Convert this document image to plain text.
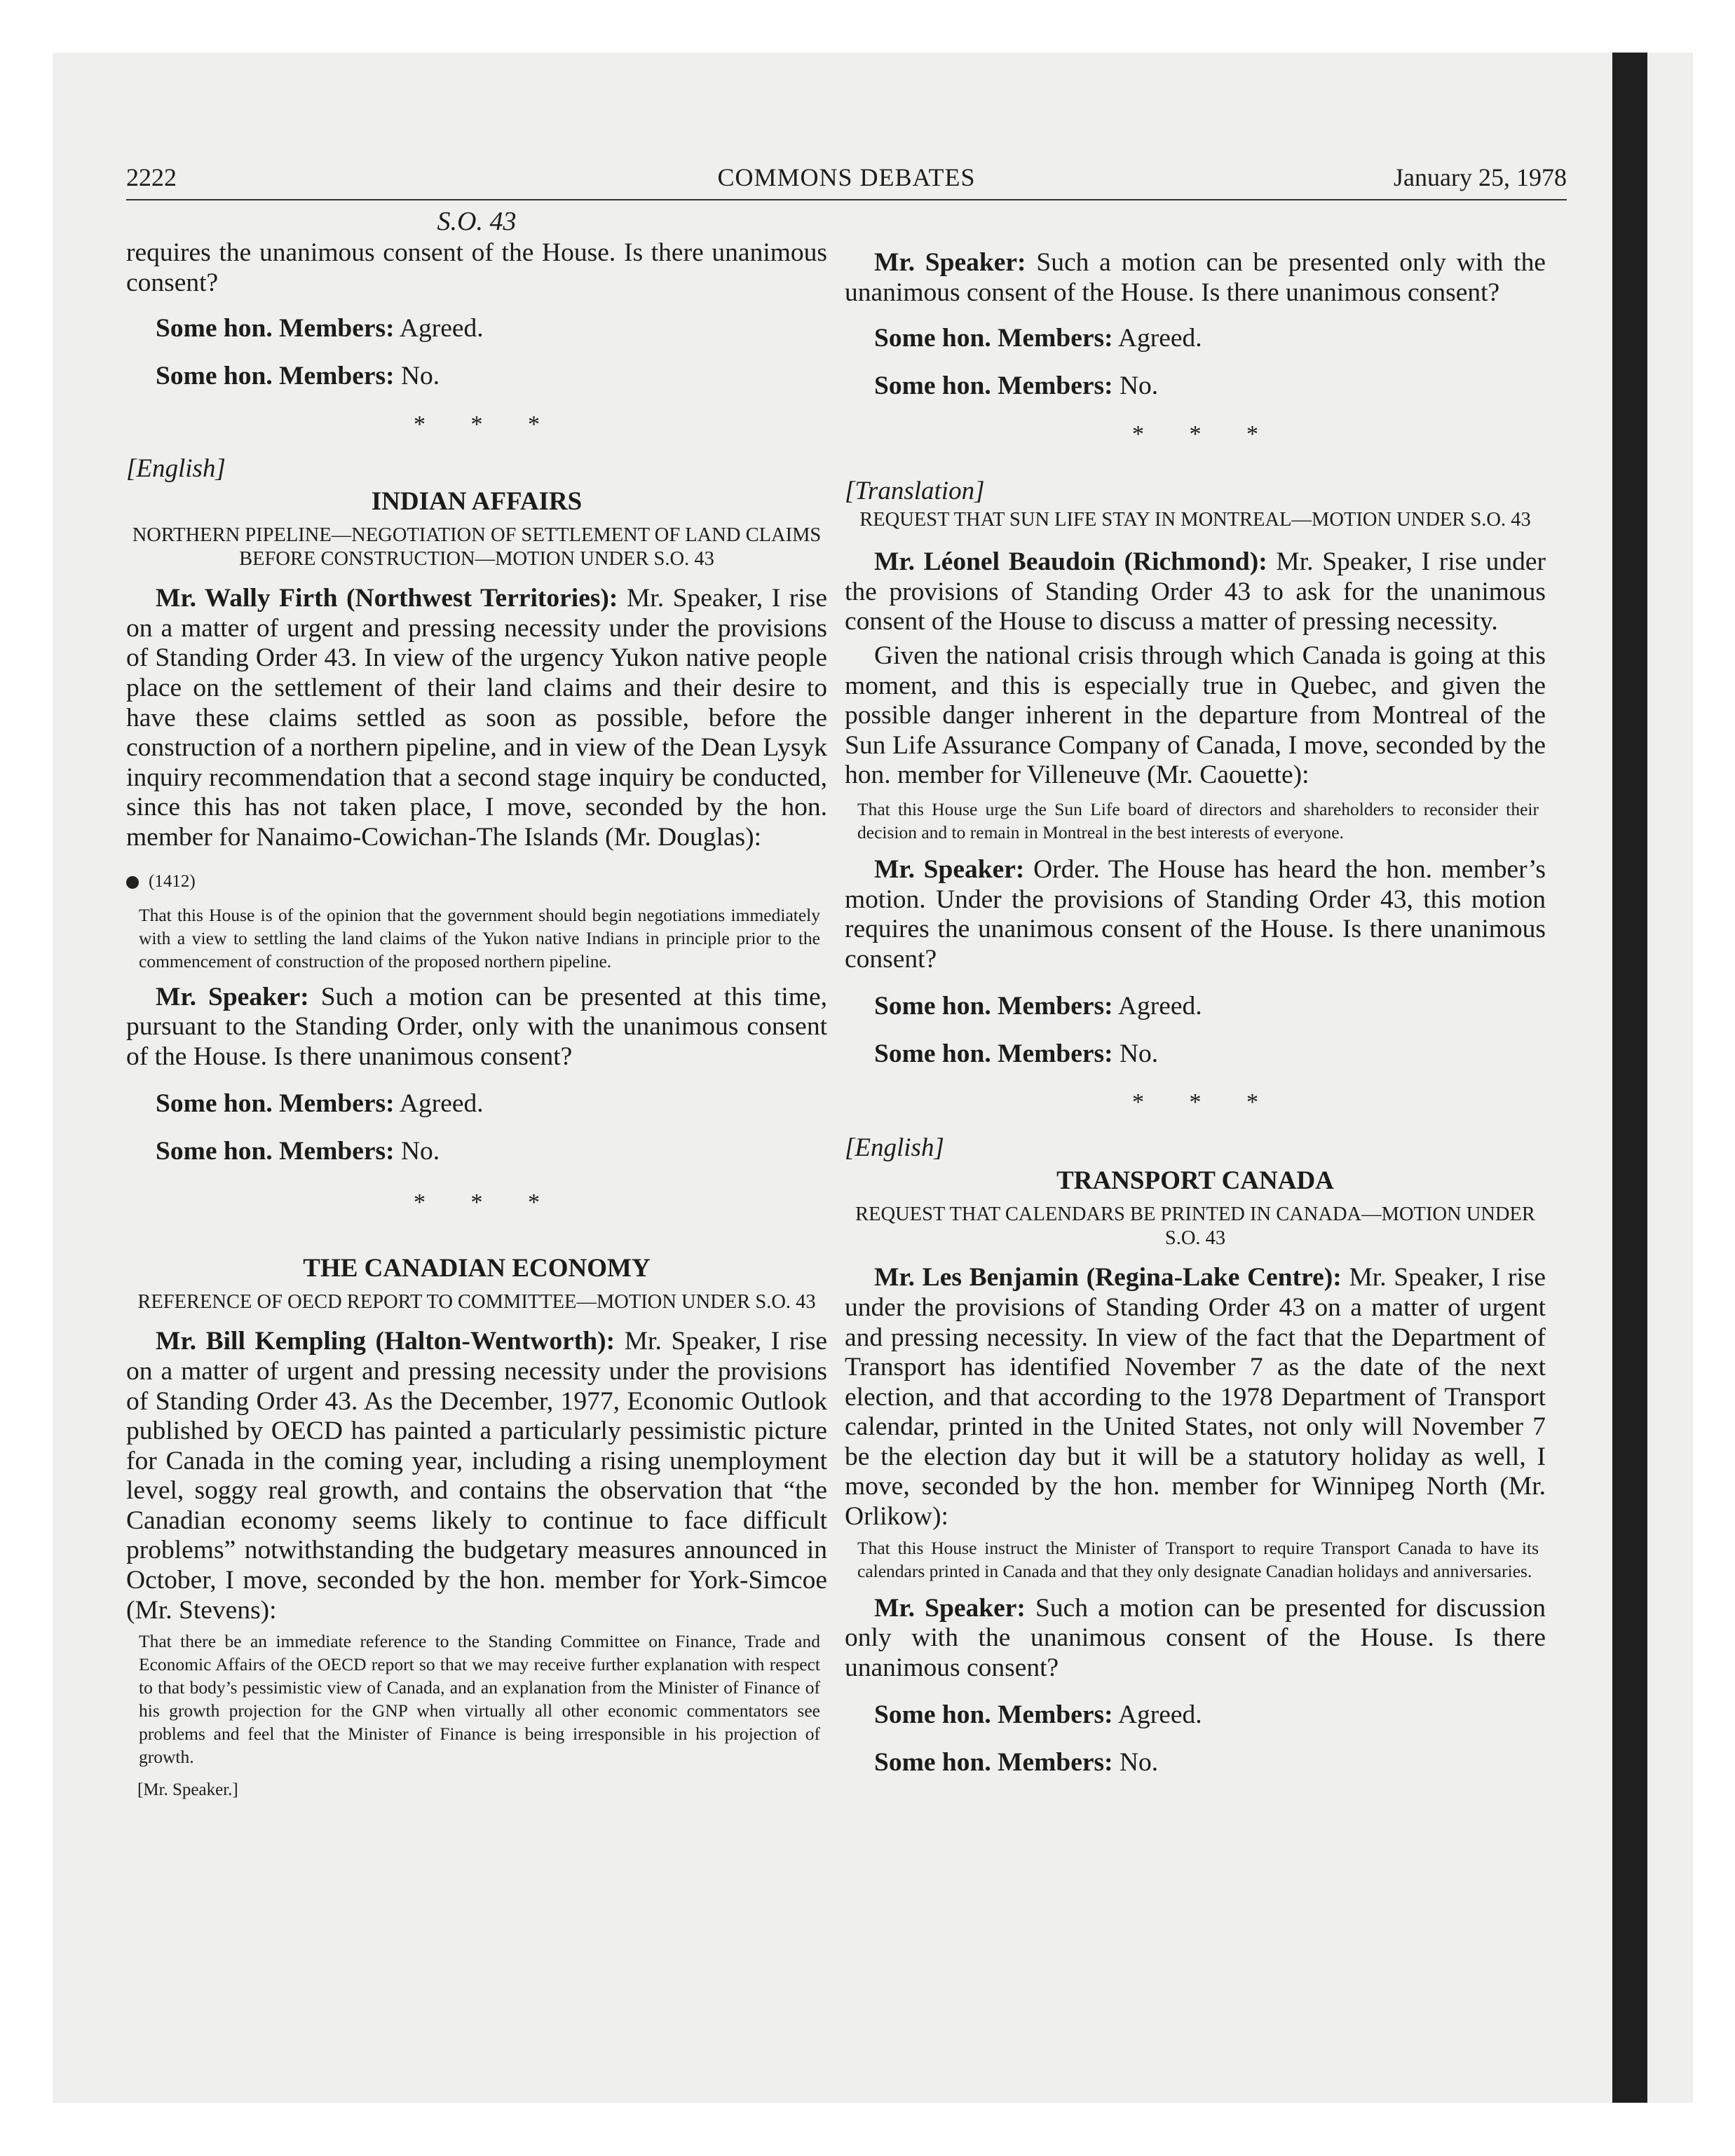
2222	COMMONS DEBATES	January 25, 1978

S.O. 43

requires the unanimous consent of the House. Is there unanimous consent?

Some hon. Members: Agreed.

Some hon. Members: No.

* * *

[English]

INDIAN AFFAIRS

NORTHERN PIPELINE—NEGOTIATION OF SETTLEMENT OF LAND CLAIMS BEFORE CONSTRUCTION—MOTION UNDER S.O. 43

Mr. Wally Firth (Northwest Territories): Mr. Speaker, I rise on a matter of urgent and pressing necessity under the provisions of Standing Order 43. In view of the urgency Yukon native people place on the settlement of their land claims and their desire to have these claims settled as soon as possible, before the construction of a northern pipeline, and in view of the Dean Lysyk inquiry recommendation that a second stage inquiry be conducted, since this has not taken place, I move, seconded by the hon. member for Nanaimo-Cowichan-The Islands (Mr. Douglas):

(1412)

That this House is of the opinion that the government should begin negotiations immediately with a view to settling the land claims of the Yukon native Indians in principle prior to the commencement of construction of the proposed northern pipeline.

Mr. Speaker: Such a motion can be presented at this time, pursuant to the Standing Order, only with the unanimous consent of the House. Is there unanimous consent?

Some hon. Members: Agreed.

Some hon. Members: No.

* * *

THE CANADIAN ECONOMY

REFERENCE OF OECD REPORT TO COMMITTEE—MOTION UNDER S.O. 43

Mr. Bill Kempling (Halton-Wentworth): Mr. Speaker, I rise on a matter of urgent and pressing necessity under the provisions of Standing Order 43. As the December, 1977, Economic Outlook published by OECD has painted a particularly pessimistic picture for Canada in the coming year, including a rising unemployment level, soggy real growth, and contains the observation that “the Canadian economy seems likely to continue to face difficult problems” notwithstanding the budgetary measures announced in October, I move, seconded by the hon. member for York-Simcoe (Mr. Stevens):

That there be an immediate reference to the Standing Committee on Finance, Trade and Economic Affairs of the OECD report so that we may receive further explanation with respect to that body’s pessimistic view of Canada, and an explanation from the Minister of Finance of his growth projection for the GNP when virtually all other economic commentators see problems and feel that the Minister of Finance is being irresponsible in his projection of growth.

[Mr. Speaker.]

Mr. Speaker: Such a motion can be presented only with the unanimous consent of the House. Is there unanimous consent?

Some hon. Members: Agreed.

Some hon. Members: No.

* * *

[Translation]

REQUEST THAT SUN LIFE STAY IN MONTREAL—MOTION UNDER S.O. 43

Mr. Léonel Beaudoin (Richmond): Mr. Speaker, I rise under the provisions of Standing Order 43 to ask for the unanimous consent of the House to discuss a matter of pressing necessity.

Given the national crisis through which Canada is going at this moment, and this is especially true in Quebec, and given the possible danger inherent in the departure from Montreal of the Sun Life Assurance Company of Canada, I move, seconded by the hon. member for Villeneuve (Mr. Caouette):

That this House urge the Sun Life board of directors and shareholders to reconsider their decision and to remain in Montreal in the best interests of everyone.

Mr. Speaker: Order. The House has heard the hon. member’s motion. Under the provisions of Standing Order 43, this motion requires the unanimous consent of the House. Is there unanimous consent?

Some hon. Members: Agreed.

Some hon. Members: No.

* * *

[English]

TRANSPORT CANADA

REQUEST THAT CALENDARS BE PRINTED IN CANADA—MOTION UNDER S.O. 43

Mr. Les Benjamin (Regina-Lake Centre): Mr. Speaker, I rise under the provisions of Standing Order 43 on a matter of urgent and pressing necessity. In view of the fact that the Department of Transport has identified November 7 as the date of the next election, and that according to the 1978 Department of Transport calendar, printed in the United States, not only will November 7 be the election day but it will be a statutory holiday as well, I move, seconded by the hon. member for Winnipeg North (Mr. Orlikow):

That this House instruct the Minister of Transport to require Transport Canada to have its calendars printed in Canada and that they only designate Canadian holidays and anniversaries.

Mr. Speaker: Such a motion can be presented for discussion only with the unanimous consent of the House. Is there unanimous consent?

Some hon. Members: Agreed.

Some hon. Members: No.
